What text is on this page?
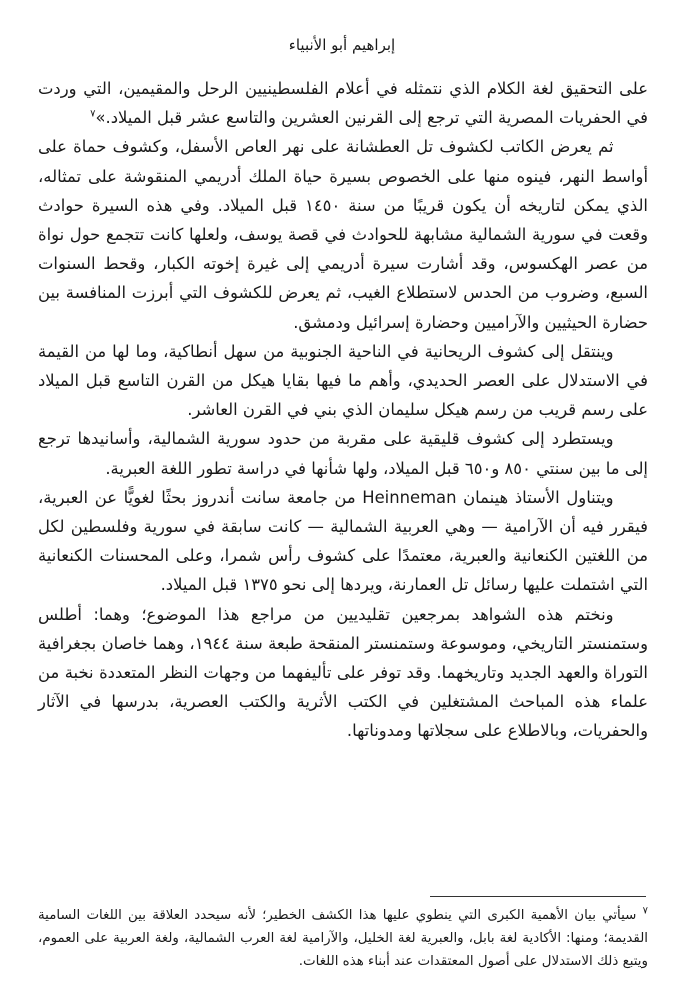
إبراهيم أبو الأنبياء

على التحقيق لغة الكلام الذي نتمثله في أعلام الفلسطينيين الرحل والمقيمين، التي وردت في الحفريات المصرية التي ترجع إلى القرنين العشرين والتاسع عشر قبل الميلاد.»$^٧$

ثم يعرض الكاتب لكشوف تل العطشانة على نهر العاص الأسفل، وكشوف حماة على أواسط النهر، فينوه منها على الخصوص بسيرة حياة الملك أدريمي المنقوشة على تمثاله، الذي يمكن لتاريخه أن يكون قريبًا من سنة ١٤٥٠ قبل الميلاد. وفي هذه السيرة حوادث وقعت في سورية الشمالية مشابهة للحوادث في قصة يوسف، ولعلها كانت تتجمع حول نواة من عصر الهكسوس، وقد أشارت سيرة أدريمي إلى غيرة إخوته الكبار، وقحط السنوات السبع، وضروب من الحدس لاستطلاع الغيب، ثم يعرض للكشوف التي أبرزت المنافسة بين حضارة الحيثيين والآراميين وحضارة إسرائيل ودمشق.

وينتقل إلى كشوف الريحانية في الناحية الجنوبية من سهل أنطاكية، وما لها من القيمة في الاستدلال على العصر الحديدي، وأهم ما فيها بقايا هيكل من القرن التاسع قبل الميلاد على رسم قريب من رسم هيكل سليمان الذي بني في القرن العاشر.

ويستطرد إلى كشوف قليقية على مقربة من حدود سورية الشمالية، وأسانيدها ترجع إلى ما بين سنتي ٨٥٠ و٦٥٠ قبل الميلاد، ولها شأنها في دراسة تطور اللغة العبرية.

ويتناول الأستاذ هينمان Heinneman من جامعة سانت أندروز بحثًا لغويًّا عن العبرية، فيقرر فيه أن الآرامية — وهي العربية الشمالية — كانت سابقة في سورية وفلسطين لكل من اللغتين الكنعانية والعبرية، معتمدًا على كشوف رأس شمرا، وعلى المحسنات الكنعانية التي اشتملت عليها رسائل تل العمارنة، ويردها إلى نحو ١٣٧٥ قبل الميلاد.

ونختم هذه الشواهد بمرجعين تقليديين من مراجع هذا الموضوع؛ وهما: أطلس وستمنستر التاريخي، وموسوعة وستمنستر المنقحة طبعة سنة ١٩٤٤، وهما خاصان بجغرافية التوراة والعهد الجديد وتاريخهما. وقد توفر على تأليفهما من وجهات النظر المتعددة نخبة من علماء هذه المباحث المشتغلين في الكتب الأثرية والكتب العصرية، بدرسها في الآثار والحفريات، وبالاطلاع على سجلاتها ومدوناتها.

$^٧$ سيأتي بيان الأهمية الكبرى التي ينطوي عليها هذا الكشف الخطير؛ لأنه سيحدد العلاقة بين اللغات السامية القديمة؛ ومنها: الأكادية لغة بابل، والعبرية لغة الخليل، والآرامية لغة العرب الشمالية، ولغة العربية على العموم، ويتبع ذلك الاستدلال على أصول المعتقدات عند أبناء هذه اللغات.
